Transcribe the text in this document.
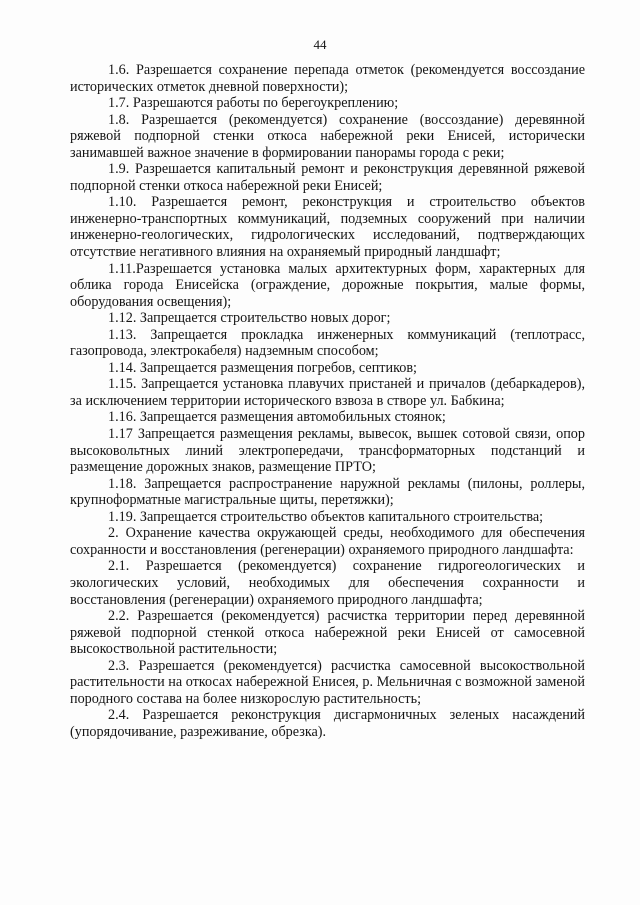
44

1.6. Разрешается сохранение перепада отметок (рекомендуется воссоздание исторических отметок дневной поверхности);

1.7. Разрешаются работы по берегоукреплению;

1.8. Разрешается (рекомендуется) сохранение (воссоздание) деревянной ряжевой подпорной стенки откоса набережной реки Енисей, исторически занимавшей важное значение в формировании панорамы города с реки;

1.9. Разрешается капитальный ремонт и реконструкция деревянной ряжевой подпорной стенки откоса набережной реки Енисей;

1.10. Разрешается ремонт, реконструкция и строительство объектов инженерно-транспортных коммуникаций, подземных сооружений при наличии инженерно-геологических, гидрологических исследований, подтверждающих отсутствие негативного влияния на охраняемый природный ландшафт;

1.11.Разрешается установка малых архитектурных форм, характерных для облика города Енисейска (ограждение, дорожные покрытия, малые формы, оборудования освещения);

1.12. Запрещается строительство новых дорог;

1.13. Запрещается прокладка инженерных коммуникаций (теплотрасс, газопровода, электрокабеля) надземным способом;

1.14. Запрещается размещения погребов, септиков;

1.15. Запрещается установка плавучих пристаней и причалов (дебаркадеров), за исключением территории исторического взвоза в створе ул. Бабкина;

1.16. Запрещается размещения автомобильных стоянок;

1.17 Запрещается размещения рекламы, вывесок, вышек сотовой связи, опор высоковольтных линий электропередачи, трансформаторных подстанций и размещение дорожных знаков, размещение ПРТО;

1.18. Запрещается распространение наружной рекламы (пилоны, роллеры, крупноформатные магистральные щиты, перетяжки);

1.19. Запрещается строительство объектов капитального строительства;

2. Охранение качества окружающей среды, необходимого для обеспечения сохранности и восстановления (регенерации) охраняемого природного ландшафта:

2.1. Разрешается (рекомендуется) сохранение гидрогеологических и экологических условий, необходимых для обеспечения сохранности и восстановления (регенерации) охраняемого природного ландшафта;

2.2. Разрешается (рекомендуется) расчистка территории перед деревянной ряжевой подпорной стенкой откоса набережной реки Енисей от самосевной высокоствольной растительности;

2.3. Разрешается (рекомендуется) расчистка самосевной высокоствольной растительности на откосах набережной Енисея, р. Мельничная с возможной заменой породного состава на более низкорослую растительность;

2.4. Разрешается реконструкция дисгармоничных зеленых насаждений (упорядочивание, разреживание, обрезка).
